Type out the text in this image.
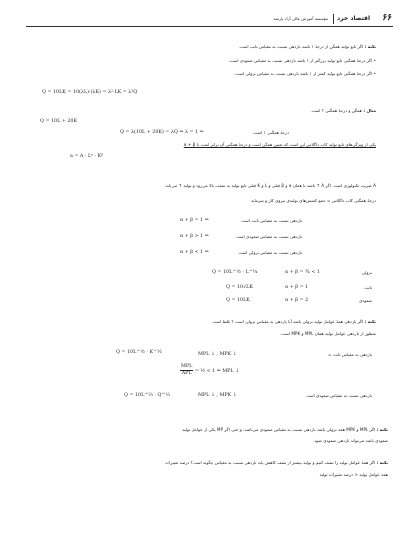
۶۶
اقتصاد خرد
مؤسسه آموزش عالی آزاد پارسه
نکته : اگر تابع تولید همگن از درجهٔ ۱ باشد بازدهی نسبت به مقیاس ثابت است.
• اگر درجهٔ همگنی تابع تولید بزرگتر از ۱ باشد بازدهی نسبت به مقیاس صعودی است.
• اگر درجهٔ همگنی تابع تولید کمتر از ۱ باشد بازدهی نسبت به مقیاس نزولی است.
Q = 10LK = 10(λL)·(λK) = λ²·LK = λ²Q
مثال : همگن و درجهٔ همگنی ؟ است.
Q = 10L + 20K
Q = λ(10L + 20K) = λQ ⇒ λ = 1 ⇒	درجهٔ همگنی ۱ است.
یکی از ویژگی‌های تابع تولید کاب داگلاس این است که تعیین همگن است و درجهٔ همگنی آن برابر است با α + β
a = A · Lᵅ · Kᵝ
A ضریب تکنولوژی است. اگر A ↑ باشد با همان α و β قبلی و L و K قبلی تابع تولید به سمت بالا می‌رود و تولید ↑ می‌یابد.
درجهٔ همگنی کاب داگلاس = جمع کشش‌های تولیدی نیروی کار و سرمایه
α + β = 1 ⇒	بازدهی نسبت به مقیاس ثابت است
α + β > 1 ⇒	بازدهی نسبت به مقیاس صعودی است
α + β < 1 ⇒	بازدهی نسبت به مقیاس نزولی است
Q = 10L^½ · L^¼	α + β = ¾ < 1	نزولی
Q = 10√LK	α + β = 1	ثابت
Q = 10LK	α + β = 2	صعودی
نکته : اگر بازدهی همهٔ عوامل تولید نزولی باشد آیا بازدهی به مقیاس نزولی است ؟ غلط است
منظور از بازدهی عوامل تولید همان MPL و MPK است.
Q = 10L^½ · K^½	MPL ↓ , MPK ↓	بازدهی به مقیاس ثابت =
$\frac{\text{MPL}}{\text{APL}}$ = ½ < 1 ⇒ MPL ↓
Q = 10L^⅔ · Q^⅔	MPL ↓ , MPK ↓	بازدهی نسبت به مقیاس صعودی است
نکته : اگر MPL و MPK همه نزولی باشد بازدهی نسبت به مقیاس صعودی می‌باشد، و حتی اگر MP یکی از عوامل تولید
صعودی باشد می‌تواند بازدهی صعودی شود.
نکته : اگر همهٔ عوامل تولید را نصف کنیم و تولید بیشتر از نصف کاهش یابد بازدهی نسبت به مقیاس چگونه است؟ درصد تغییرات
همه عوامل تولید < درصد تغییرات تولید
